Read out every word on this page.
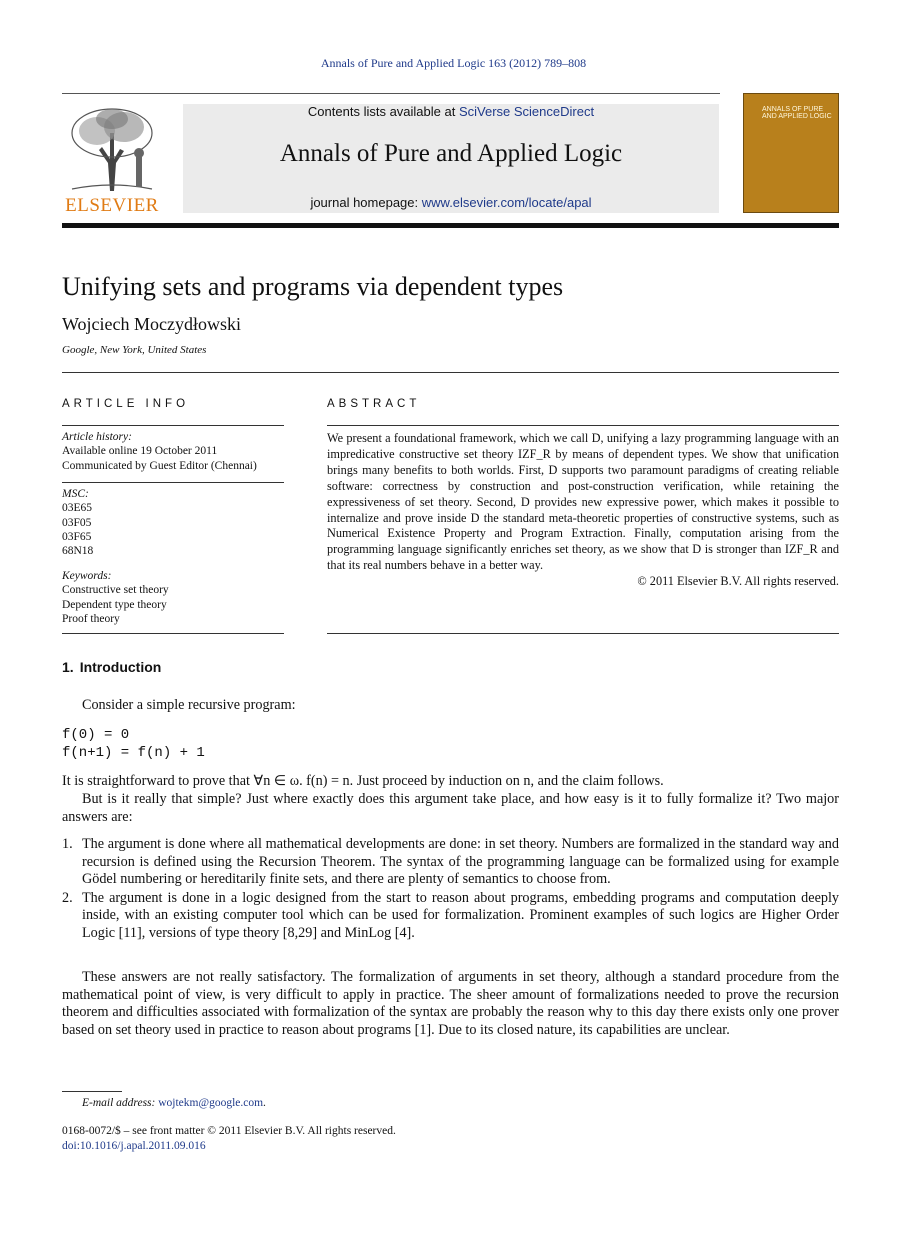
Annals of Pure and Applied Logic 163 (2012) 789–808
ELSEVIER
Contents lists available at SciVerse ScienceDirect
Annals of Pure and Applied Logic
journal homepage: www.elsevier.com/locate/apal
ANNALS OF PURE AND APPLIED LOGIC
Unifying sets and programs via dependent types
Wojciech Moczydłowski
Google, New York, United States
ARTICLE INFO
Article history:
Available online 19 October 2011
Communicated by Guest Editor (Chennai)
MSC:
03E65
03F05
03F65
68N18
Keywords:
Constructive set theory
Dependent type theory
Proof theory
ABSTRACT

We present a foundational framework, which we call D, unifying a lazy programming language with an impredicative constructive set theory IZF_R by means of dependent types. We show that unification brings many benefits to both worlds. First, D supports two paramount paradigms of creating reliable software: correctness by construction and post-construction verification, while retaining the expressiveness of set theory. Second, D provides new expressive power, which makes it possible to internalize and prove inside D the standard meta-theoretic properties of constructive systems, such as Numerical Existence Property and Program Extraction. Finally, computation arising from the programming language significantly enriches set theory, as we show that D is stronger than IZF_R and that its real numbers behave in a better way.

© 2011 Elsevier B.V. All rights reserved.

1. Introduction
Consider a simple recursive program:
f(0) = 0
f(n+1) = f(n) + 1
It is straightforward to prove that ∀n ∈ ω. f(n) = n. Just proceed by induction on n, and the claim follows.
But is it really that simple? Just where exactly does this argument take place, and how easy is it to fully formalize it? Two major answers are:
1. The argument is done where all mathematical developments are done: in set theory. Numbers are formalized in the standard way and recursion is defined using the Recursion Theorem. The syntax of the programming language can be formalized using for example Gödel numbering or hereditarily finite sets, and there are plenty of semantics to choose from.
2. The argument is done in a logic designed from the start to reason about programs, embedding programs and computation deeply inside, with an existing computer tool which can be used for formalization. Prominent examples of such logics are Higher Order Logic [11], versions of type theory [8,29] and MinLog [4].
These answers are not really satisfactory. The formalization of arguments in set theory, although a standard procedure from the mathematical point of view, is very difficult to apply in practice. The sheer amount of formalizations needed to prove the recursion theorem and difficulties associated with formalization of the syntax are probably the reason why to this day there exists only one prover based on set theory used in practice to reason about programs [1]. Due to its closed nature, its capabilities are unclear.
E-mail address: wojtekm@google.com.
0168-0072/$ – see front matter © 2011 Elsevier B.V. All rights reserved.
doi:10.1016/j.apal.2011.09.016
